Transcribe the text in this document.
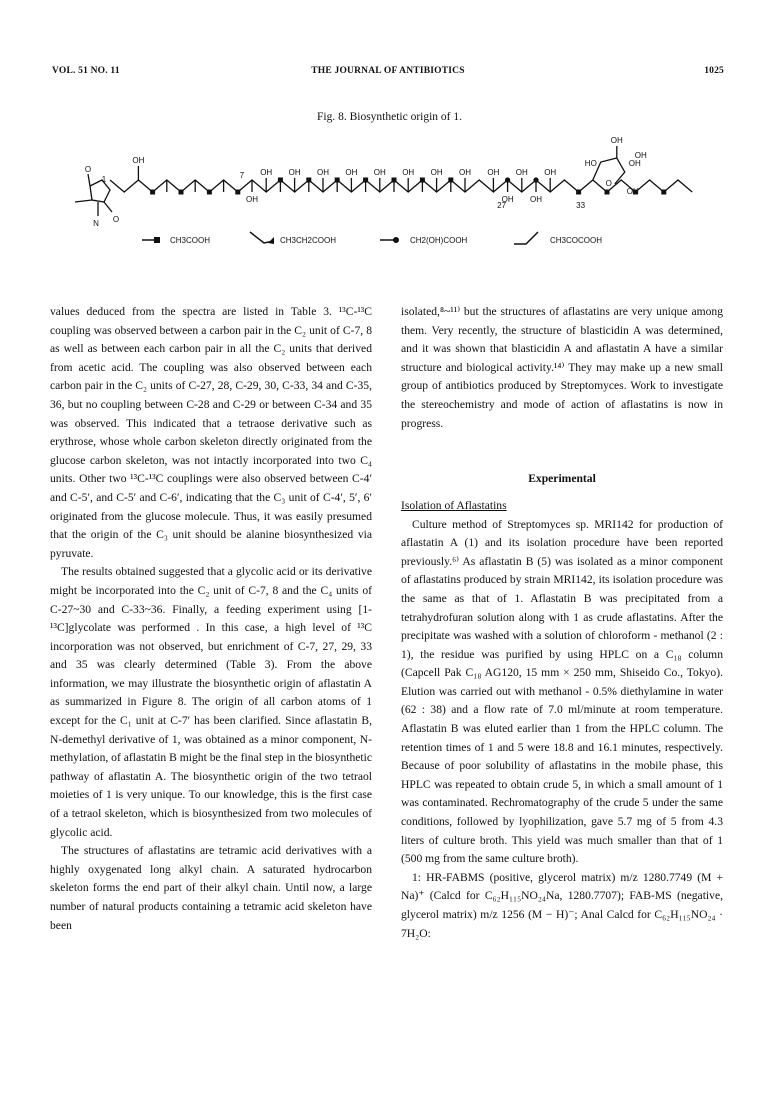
VOL. 51 NO. 11	THE JOURNAL OF ANTIBIOTICS	1025
Fig. 8. Biosynthetic origin of 1.
O
N O
1
OH
OH OH OH OH OH OH OH OH OH OH OH
OH	OH OH
7
27	33
O
OH
HO	OH
OH
OH
CH3COOH	CH3CH2COOH	CH2(OH)COOH	CH3COCOOH

values deduced from the spectra are listed in Table 3. ¹³C-¹³C coupling was observed between a carbon pair in the C₂ unit of C-7, 8 as well as between each carbon pair in all the C₂ units that derived from acetic acid. The coupling was also observed between each carbon pair in the C₂ units of C-27, 28, C-29, 30, C-33, 34 and C-35, 36, but no coupling between C-28 and C-29 or between C-34 and 35 was observed. This indicated that a tetraose derivative such as erythrose, whose whole carbon skeleton directly originated from the glucose carbon skeleton, was not intactly incorporated into two C₄ units. Other two ¹³C-¹³C couplings were also observed between C-4′ and C-5′, and C-5′ and C-6′, indicating that the C₃ unit of C-4′, 5′, 6′ originated from the glucose molecule. Thus, it was easily presumed that the origin of the C₃ unit should be alanine biosynthesized via pyruvate.

The results obtained suggested that a glycolic acid or its derivative might be incorporated into the C₂ unit of C-7, 8 and the C₄ units of C-27~30 and C-33~36. Finally, a feeding experiment using [1-¹³C]glycolate was performed . In this case, a high level of ¹³C incorporation was not observed, but enrichment of C-7, 27, 29, 33 and 35 was clearly determined (Table 3). From the above information, we may illustrate the biosynthetic origin of aflastatin A as summarized in Figure 8. The origin of all carbon atoms of 1 except for the C₁ unit at C-7′ has been clarified. Since aflastatin B, N-demethyl derivative of 1, was obtained as a minor component, N-methylation, of aflastatin B might be the final step in the biosynthetic pathway of aflastatin A. The biosynthetic origin of the two tetraol moieties of 1 is very unique. To our knowledge, this is the first case of a tetraol skeleton, which is biosynthesized from two molecules of glycolic acid.

The structures of aflastatins are tetramic acid derivatives with a highly oxygenated long alkyl chain. A saturated hydrocarbon skeleton forms the end part of their alkyl chain. Until now, a large number of natural products containing a tetramic acid skeleton have been

isolated,⁸~¹¹⁾ but the structures of aflastatins are very unique among them. Very recently, the structure of blasticidin A was determined, and it was shown that blasticidin A and aflastatin A have a similar structure and biological activity.¹⁴⁾ They may make up a new small group of antibiotics produced by Streptomyces. Work to investigate the stereochemistry and mode of action of aflastatins is now in progress.

Experimental

Isolation of Aflastatins

Culture method of Streptomyces sp. MRI142 for production of aflastatin A (1) and its isolation procedure have been reported previously.⁶⁾ As aflastatin B (5) was isolated as a minor component of aflastatins produced by strain MRI142, its isolation procedure was the same as that of 1. Aflastatin B was precipitated from a tetrahydrofuran solution along with 1 as crude aflastatins. After the precipitate was washed with a solution of chloroform - methanol (2 : 1), the residue was purified by using HPLC on a C₁₈ column (Capcell Pak C₁₈ AG120, 15 mm × 250 mm, Shiseido Co., Tokyo). Elution was carried out with methanol - 0.5% diethylamine in water (62 : 38) and a flow rate of 7.0 ml/minute at room temperature. Aflastatin B was eluted earlier than 1 from the HPLC column. The retention times of 1 and 5 were 18.8 and 16.1 minutes, respectively. Because of poor solubility of aflastatins in the mobile phase, this HPLC was repeated to obtain crude 5, in which a small amount of 1 was contaminated. Rechromatography of the crude 5 under the same conditions, followed by lyophilization, gave 5.7 mg of 5 from 4.3 liters of culture broth. This yield was much smaller than that of 1 (500 mg from the same culture broth).

1: HR-FABMS (positive, glycerol matrix) m/z 1280.7749 (M + Na)⁺ (Calcd for C₆₂H₁₁₅NO₂₄Na, 1280.7707); FAB-MS (negative, glycerol matrix) m/z 1256 (M − H)⁻; Anal Calcd for C₆₂H₁₁₅NO₂₄ · 7H₂O:
